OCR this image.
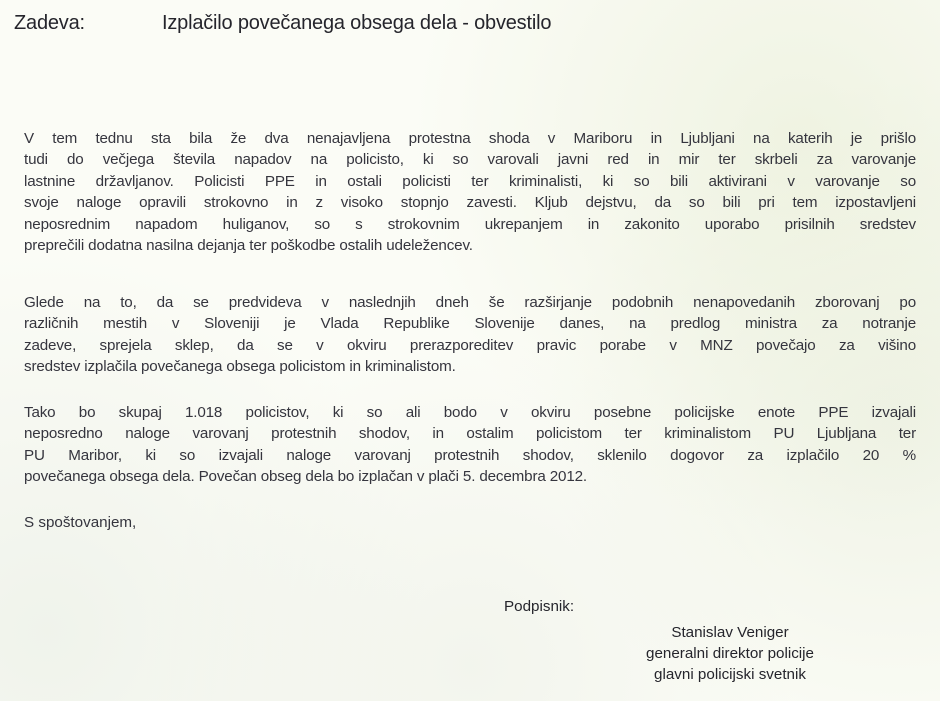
Zadeva:	Izplačilo povečanega obsega dela - obvestilo
V tem tednu sta bila že dva nenajavljena protestna shoda v Mariboru in Ljubljani na katerih je prišlo
tudi do večjega števila napadov na policisto, ki so varovali javni red in mir ter skrbeli za varovanje
lastnine državljanov. Policisti PPE in ostali policisti ter kriminalisti, ki so bili aktivirani v varovanje so
svoje naloge opravili strokovno in z visoko stopnjo zavesti. Kljub dejstvu, da so bili pri tem izpostavljeni
neposrednim napadom huliganov, so s strokovnim ukrepanjem in zakonito uporabo prisilnih sredstev
preprečili dodatna nasilna dejanja ter poškodbe ostalih udeležencev.
Glede na to, da se predvideva v naslednjih dneh še razširjanje podobnih nenapovedanih zborovanj po
različnih mestih v Sloveniji je Vlada Republike Slovenije danes, na predlog ministra za notranje
zadeve, sprejela sklep, da se v okviru prerazporeditev pravic porabe v MNZ povečajo za višino
sredstev izplačila povečanega obsega policistom in kriminalistom.
Tako bo skupaj 1.018 policistov, ki so ali bodo v okviru posebne policijske enote PPE izvajali
neposredno naloge varovanj protestnih shodov, in ostalim policistom ter kriminalistom PU Ljubljana ter
PU Maribor, ki so izvajali naloge varovanj protestnih shodov, sklenilo dogovor za izplačilo 20 %
povečanega obsega dela. Povečan obseg dela bo izplačan v plači 5. decembra 2012.
S spoštovanjem,
Podpisnik:
Stanislav Veniger
generalni direktor policije
glavni policijski svetnik
